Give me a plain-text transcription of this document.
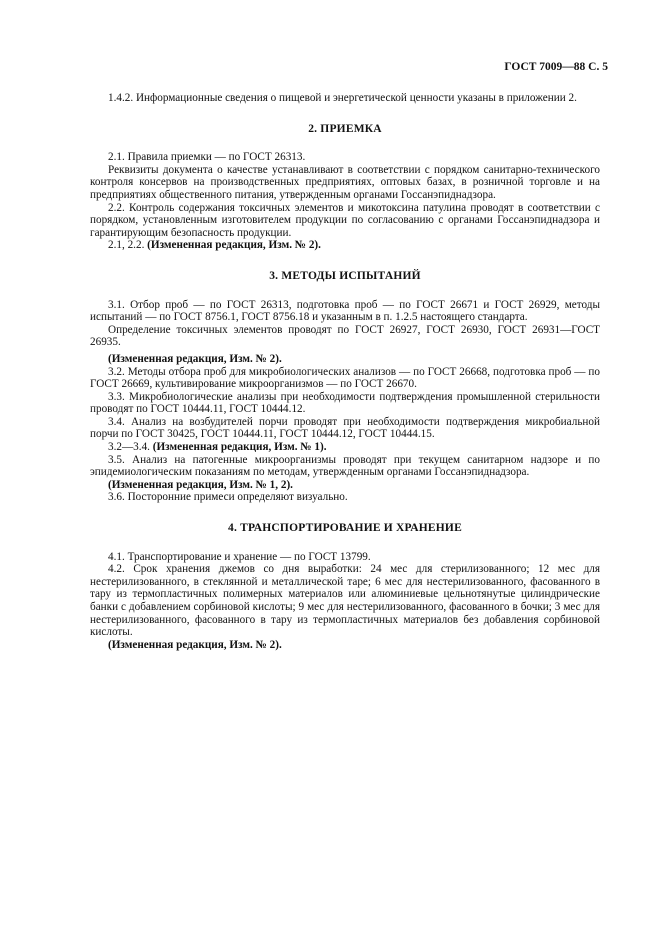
ГОСТ 7009—88 С. 5

1.4.2. Информационные сведения о пищевой и энергетической ценности указаны в приложении 2.

2. ПРИЕМКА

2.1. Правила приемки — по ГОСТ 26313.

Реквизиты документа о качестве устанавливают в соответствии с порядком санитарно-технического контроля консервов на производственных предприятиях, оптовых базах, в розничной торговле и на предприятиях общественного питания, утвержденным органами Госсанэпиднадзора.

2.2. Контроль содержания токсичных элементов и микотоксина патулина проводят в соответствии с порядком, установленным изготовителем продукции по согласованию с органами Госсанэпиднадзора и гарантирующим безопасность продукции.

2.1, 2.2. (Измененная редакция, Изм. № 2).

3. МЕТОДЫ ИСПЫТАНИЙ

3.1. Отбор проб — по ГОСТ 26313, подготовка проб — по ГОСТ 26671 и ГОСТ 26929, методы испытаний — по ГОСТ 8756.1, ГОСТ 8756.18 и указанным в п. 1.2.5 настоящего стандарта.

Определение токсичных элементов проводят по ГОСТ 26927, ГОСТ 26930, ГОСТ 26931—ГОСТ 26935.

(Измененная редакция, Изм. № 2).

3.2. Методы отбора проб для микробиологических анализов — по ГОСТ 26668, подготовка проб — по ГОСТ 26669, культивирование микроорганизмов — по ГОСТ 26670.

3.3. Микробиологические анализы при необходимости подтверждения промышленной стерильности проводят по ГОСТ 10444.11, ГОСТ 10444.12.

3.4. Анализ на возбудителей порчи проводят при необходимости подтверждения микробиальной порчи по ГОСТ 30425, ГОСТ 10444.11, ГОСТ 10444.12, ГОСТ 10444.15.

3.2—3.4. (Измененная редакция, Изм. № 1).

3.5. Анализ на патогенные микроорганизмы проводят при текущем санитарном надзоре и по эпидемиологическим показаниям по методам, утвержденным органами Госсанэпиднадзора.

(Измененная редакция, Изм. № 1, 2).

3.6. Посторонние примеси определяют визуально.

4. ТРАНСПОРТИРОВАНИЕ И ХРАНЕНИЕ

4.1. Транспортирование и хранение — по ГОСТ 13799.

4.2. Срок хранения джемов со дня выработки: 24 мес для стерилизованного; 12 мес для нестерилизованного, в стеклянной и металлической таре; 6 мес для нестерилизованного, фасованного в тару из термопластичных полимерных материалов или алюминиевые цельнотянутые цилиндрические банки с добавлением сорбиновой кислоты; 9 мес для нестерилизованного, фасованного в бочки; 3 мес для нестерилизованного, фасованного в тару из термопластичных материалов без добавления сорбиновой кислоты.

(Измененная редакция, Изм. № 2).
